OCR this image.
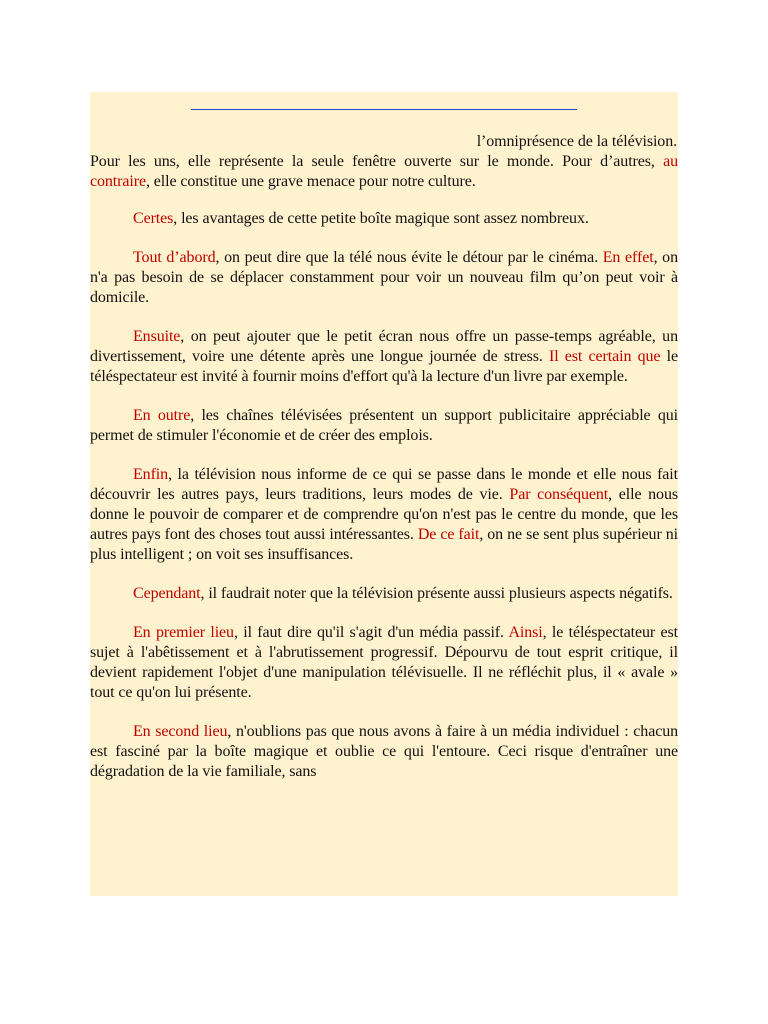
l’omniprésence de la télévision.
Pour les uns, elle représente la seule fenêtre ouverte sur le monde. Pour d’autres, au contraire, elle constitue une grave menace pour notre culture.

Certes, les avantages de cette petite boîte magique sont assez nombreux.

Tout d’abord, on peut dire que la télé nous évite le détour par le cinéma. En effet, on n'a pas besoin de se déplacer constamment pour voir un nouveau film qu’on peut voir à domicile.

Ensuite, on peut ajouter que le petit écran nous offre un passe-temps agréable, un divertissement, voire une détente après une longue journée de stress. Il est certain que le téléspectateur est invité à fournir moins d'effort qu'à la lecture d'un livre par exemple.

En outre, les chaînes télévisées présentent un support publicitaire appréciable qui permet de stimuler l'économie et de créer des emplois.

Enfin, la télévision nous informe de ce qui se passe dans le monde et elle nous fait découvrir les autres pays, leurs traditions, leurs modes de vie. Par conséquent, elle nous donne le pouvoir de comparer et de comprendre qu'on n'est pas le centre du monde, que les autres pays font des choses tout aussi intéressantes. De ce fait, on ne se sent plus supérieur ni plus intelligent ; on voit ses insuffisances.

Cependant, il faudrait noter que la télévision présente aussi plusieurs aspects négatifs.

En premier lieu, il faut dire qu'il s'agit d'un média passif. Ainsi, le téléspectateur est sujet à l'abêtissement et à l'abrutissement progressif. Dépourvu de tout esprit critique, il devient rapidement l'objet d'une manipulation télévisuelle. Il ne réfléchit plus, il « avale » tout ce qu'on lui présente.

En second lieu, n'oublions pas que nous avons à faire à un média individuel : chacun est fasciné par la boîte magique et oublie ce qui l'entoure. Ceci risque d'entraîner une dégradation de la vie familiale, sans
